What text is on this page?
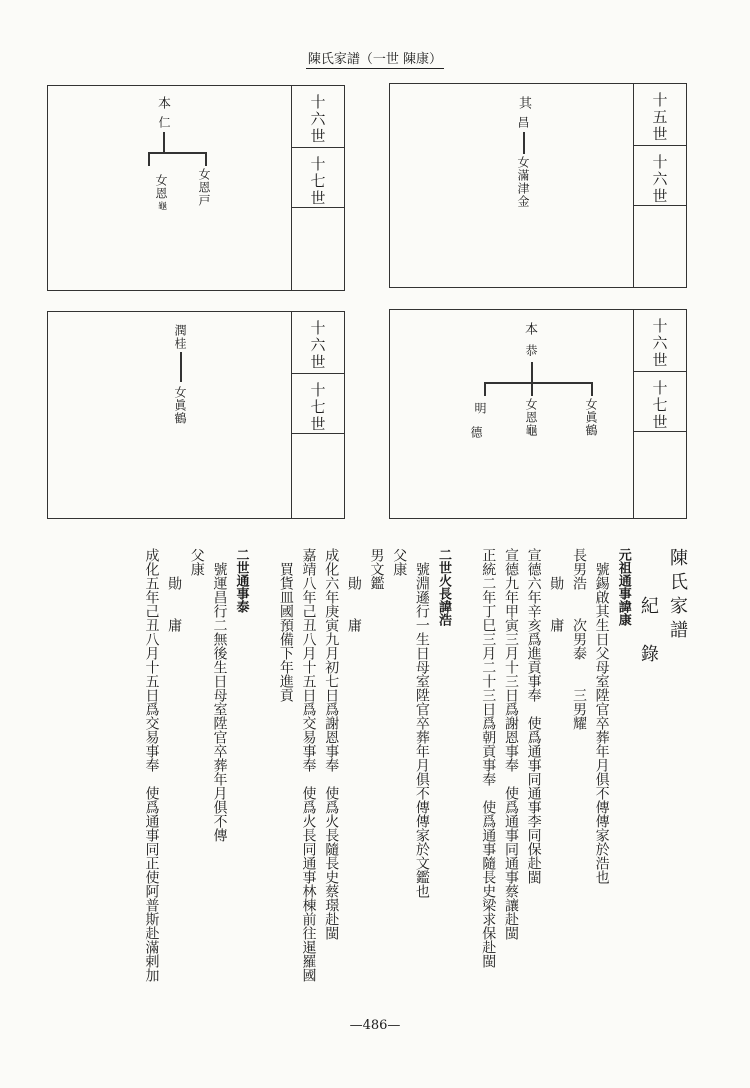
陳氏家譜（一世 陳康）
十六世
十七世
本
仁
女恩戸
女恩
龜
十五世
十六世
其
昌
女滿津金
十六世
十七世
潤桂
女眞鶴
十六世
十七世
本
恭
明
德	女恩龜	女眞鶴
陳氏家譜
　　紀　錄
元祖通事諱康
　號錫啟其生日父母室陞官卒葬年月俱不傳傳家於浩也
長男浩　　次男泰　　三男耀
　　勛　　庸
宣德六年辛亥爲進貢事奉　使爲通事同通事李同保赴閩
宣德九年甲寅三月十三日爲謝恩事奉　使爲通事同通事蔡讓赴閩
正統二年丁巳三月二十三日爲朝貢事奉　使爲通事隨長史梁求保赴閩

二世火長諱浩
　號淵遜行一生日母室陞官卒葬年月俱不傳傳家於文鑑也
父康
男文鑑
　　勛　　庸
成化六年庚寅九月初七日爲謝恩事奉　使爲火長隨長史蔡璟赴閩
嘉靖八年己丑八月十五日爲交易事奉　使爲火長同通事林棟前往暹羅國
　買貨皿國預備下年進貢

二世通事泰
　號運昌行二無後生日母室陞官卒葬年月俱不傳
父康
　　勛　　庸
成化五年己丑八月十五日爲交易事奉　使爲通事同正使阿普斯赴滿剌加
—486—
